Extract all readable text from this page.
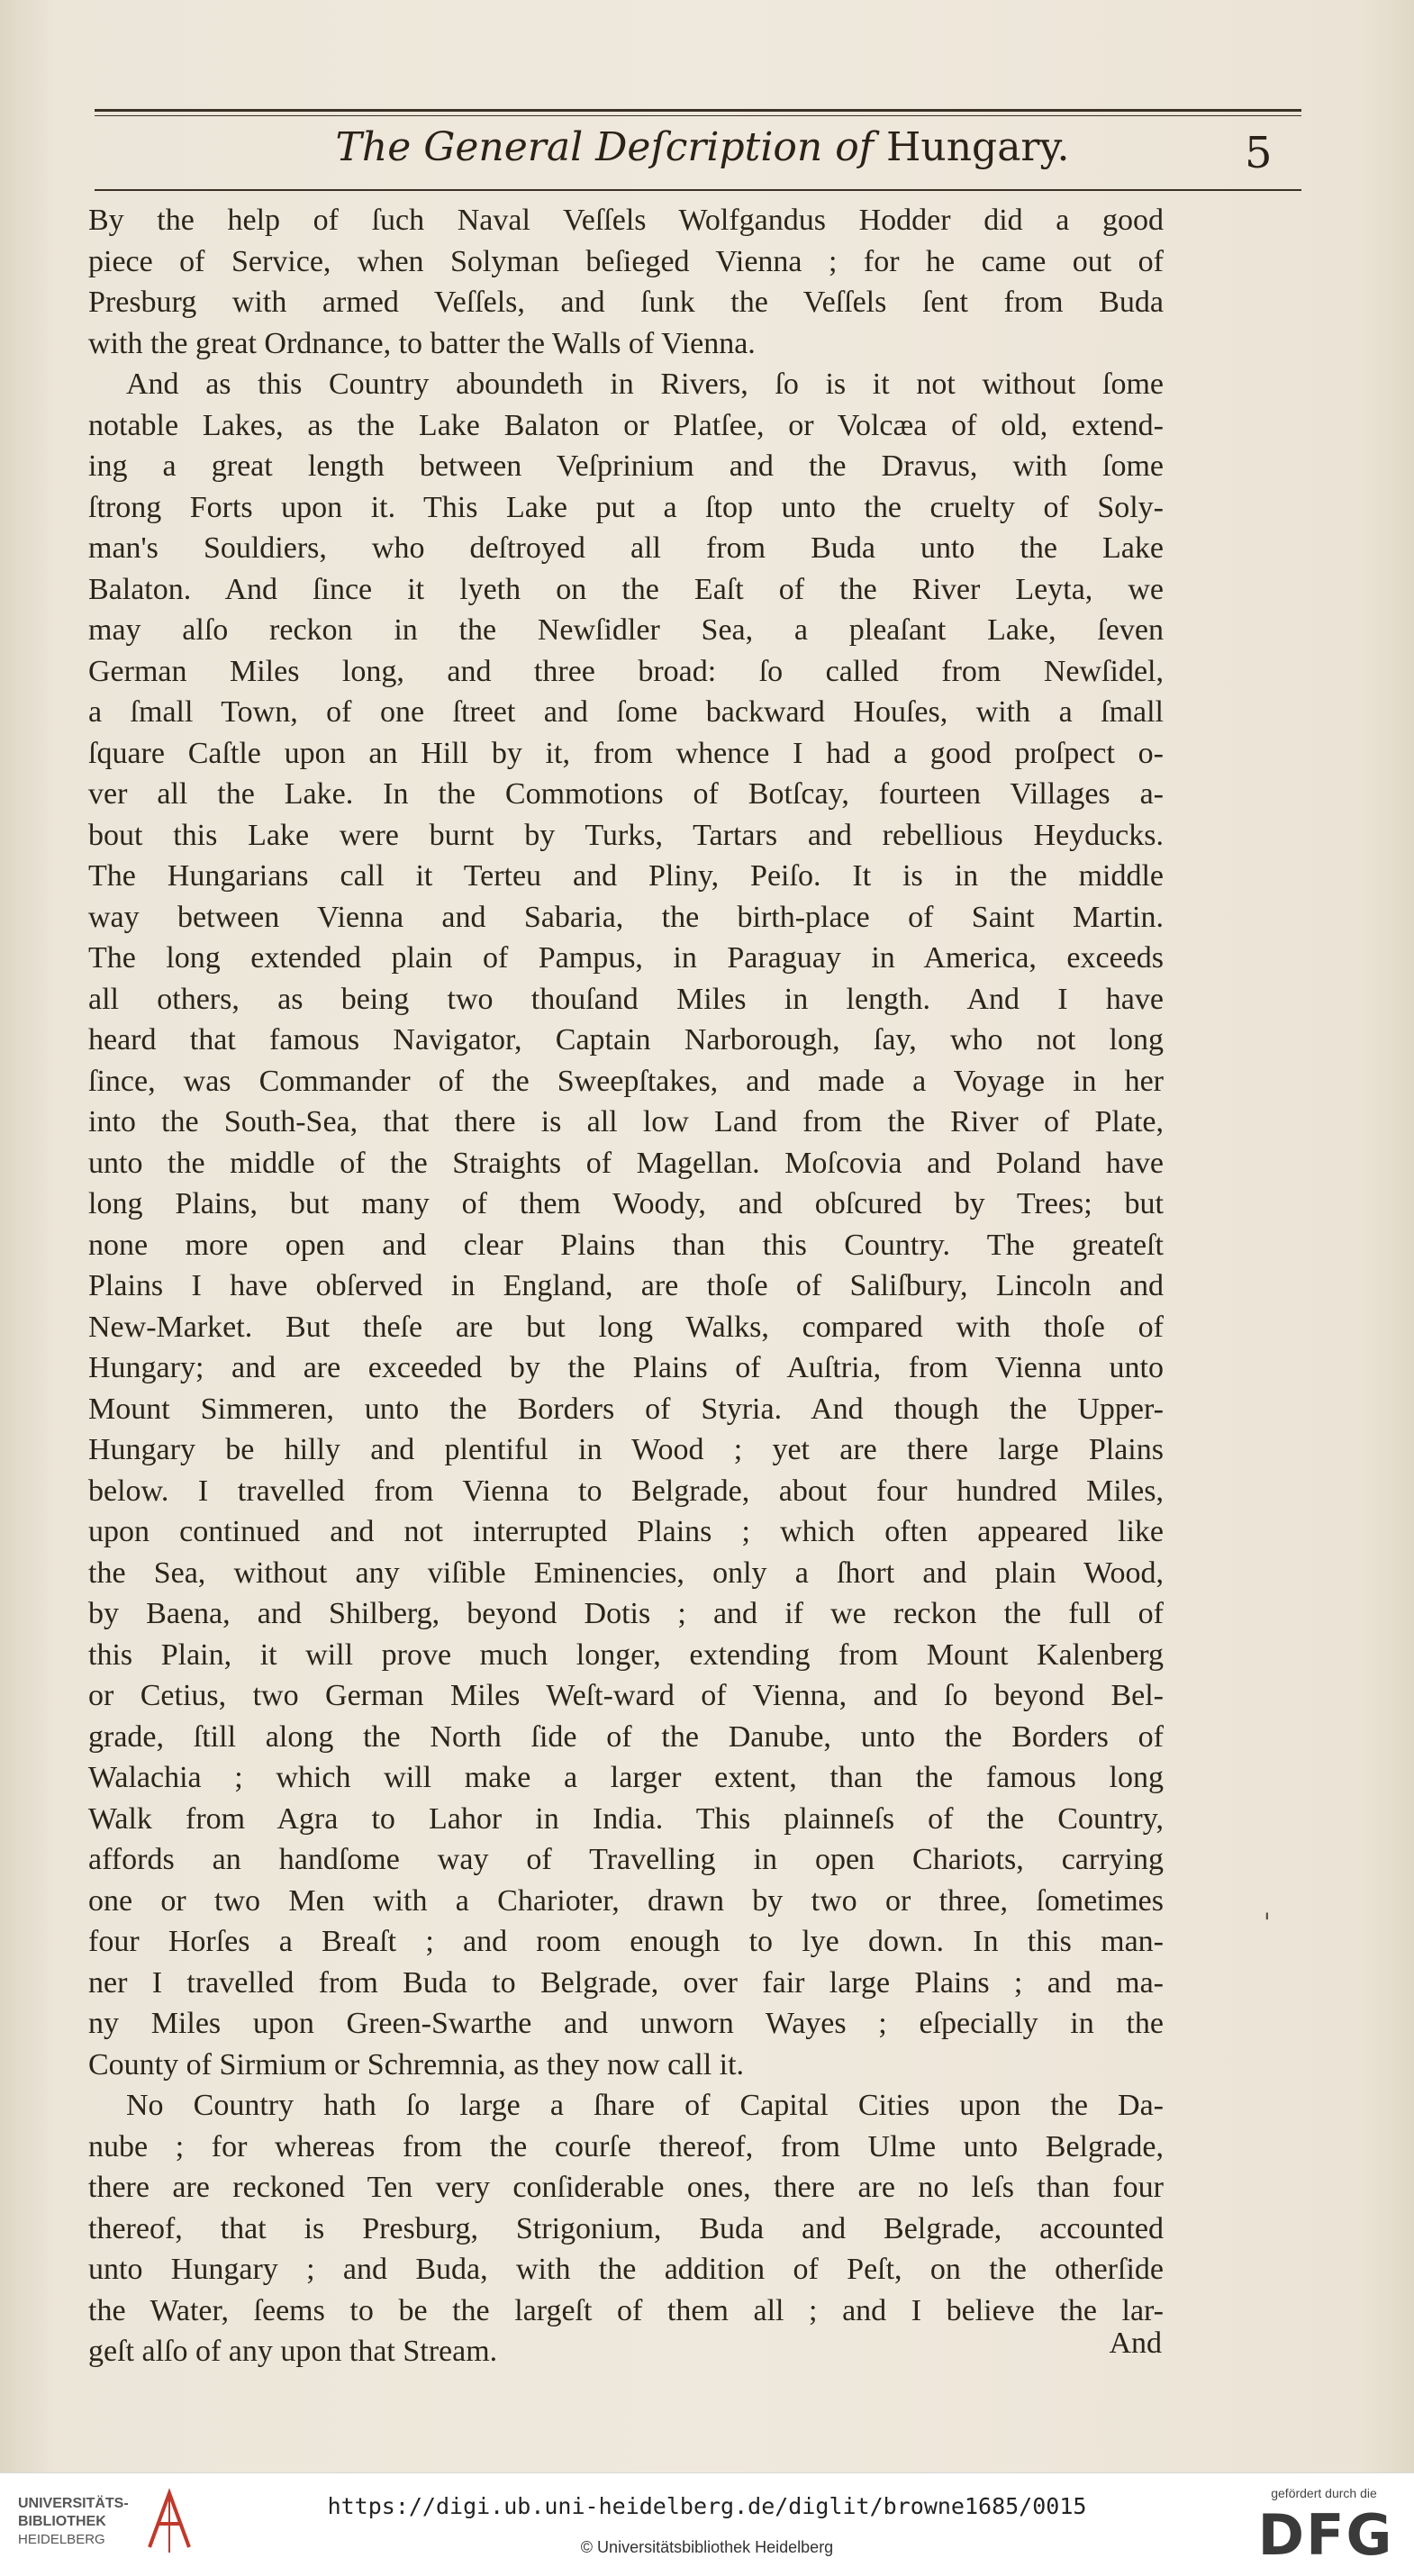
The General Deſcription of Hungary.	5
By the help of ſuch Naval Veſſels Wolfgandus Hodder did a good
piece of Service, when Solyman beſieged Vienna ; for he came out of
Presburg with armed Veſſels, and ſunk the Veſſels ſent from Buda
with the great Ordnance, to batter the Walls of Vienna.
And as this Country aboundeth in Rivers, ſo is it not without ſome
notable Lakes, as the Lake Balaton or Platſee, or Volcæa of old, extend-
ing a great length between Veſprinium and the Dravus, with ſome
ſtrong Forts upon it. This Lake put a ſtop unto the cruelty of Soly-
man's Souldiers, who deſtroyed all from Buda unto the Lake
Balaton. And ſince it lyeth on the Eaſt of the River Leyta, we
may alſo reckon in the Newſidler Sea, a pleaſant Lake, ſeven
German Miles long, and three broad: ſo called from Newſidel,
a ſmall Town, of one ſtreet and ſome backward Houſes, with a ſmall
ſquare Caſtle upon an Hill by it, from whence I had a good proſpect o-
ver all the Lake. In the Commotions of Botſcay, fourteen Villages a-
bout this Lake were burnt by Turks, Tartars and rebellious Heyducks.
The Hungarians call it Terteu and Pliny, Peiſo. It is in the middle
way between Vienna and Sabaria, the birth-place of Saint Martin.
The long extended plain of Pampus, in Paraguay in America, exceeds
all others, as being two thouſand Miles in length. And I have
heard that famous Navigator, Captain Narborough, ſay, who not long
ſince, was Commander of the Sweepſtakes, and made a Voyage in her
into the South-Sea, that there is all low Land from the River of Plate,
unto the middle of the Straights of Magellan. Moſcovia and Poland have
long Plains, but many of them Woody, and obſcured by Trees; but
none more open and clear Plains than this Country. The greateſt
Plains I have obſerved in England, are thoſe of Saliſbury, Lincoln and
New-Market. But theſe are but long Walks, compared with thoſe of
Hungary; and are exceeded by the Plains of Auſtria, from Vienna unto
Mount Simmeren, unto the Borders of Styria. And though the Upper-
Hungary be hilly and plentiful in Wood ; yet are there large Plains
below. I travelled from Vienna to Belgrade, about four hundred Miles,
upon continued and not interrupted Plains ; which often appeared like
the Sea, without any viſible Eminencies, only a ſhort and plain Wood,
by Baena, and Shilberg, beyond Dotis ; and if we reckon the full of
this Plain, it will prove much longer, extending from Mount Kalenberg
or Cetius, two German Miles Weſt-ward of Vienna, and ſo beyond Bel-
grade, ſtill along the North ſide of the Danube, unto the Borders of
Walachia ; which will make a larger extent, than the famous long
Walk from Agra to Lahor in India. This plainneſs of the Country,
affords an handſome way of Travelling in open Chariots, carrying
one or two Men with a Charioter, drawn by two or three, ſometimes
four Horſes a Breaſt ; and room enough to lye down. In this man-
ner I travelled from Buda to Belgrade, over fair large Plains ; and ma-
ny Miles upon Green-Swarthe and unworn Wayes ; eſpecially in the
County of Sirmium or Schremnia, as they now call it.
No Country hath ſo large a ſhare of Capital Cities upon the Da-
nube ; for whereas from the courſe thereof, from Ulme unto Belgrade,
there are reckoned Ten very conſiderable ones, there are no leſs than four
thereof, that is Presburg, Strigonium, Buda and Belgrade, accounted
unto Hungary ; and Buda, with the addition of Peſt, on the otherſide
the Water, ſeems to be the largeſt of them all ; and I believe the lar-
geſt alſo of any upon that Stream.
'
And
UNIVERSITÄTS-
BIBLIOTHEK
HEIDELBERG
https://digi.ub.uni-heidelberg.de/diglit/browne1685/0015
© Universitätsbibliothek Heidelberg
gefördert durch die
DFG
